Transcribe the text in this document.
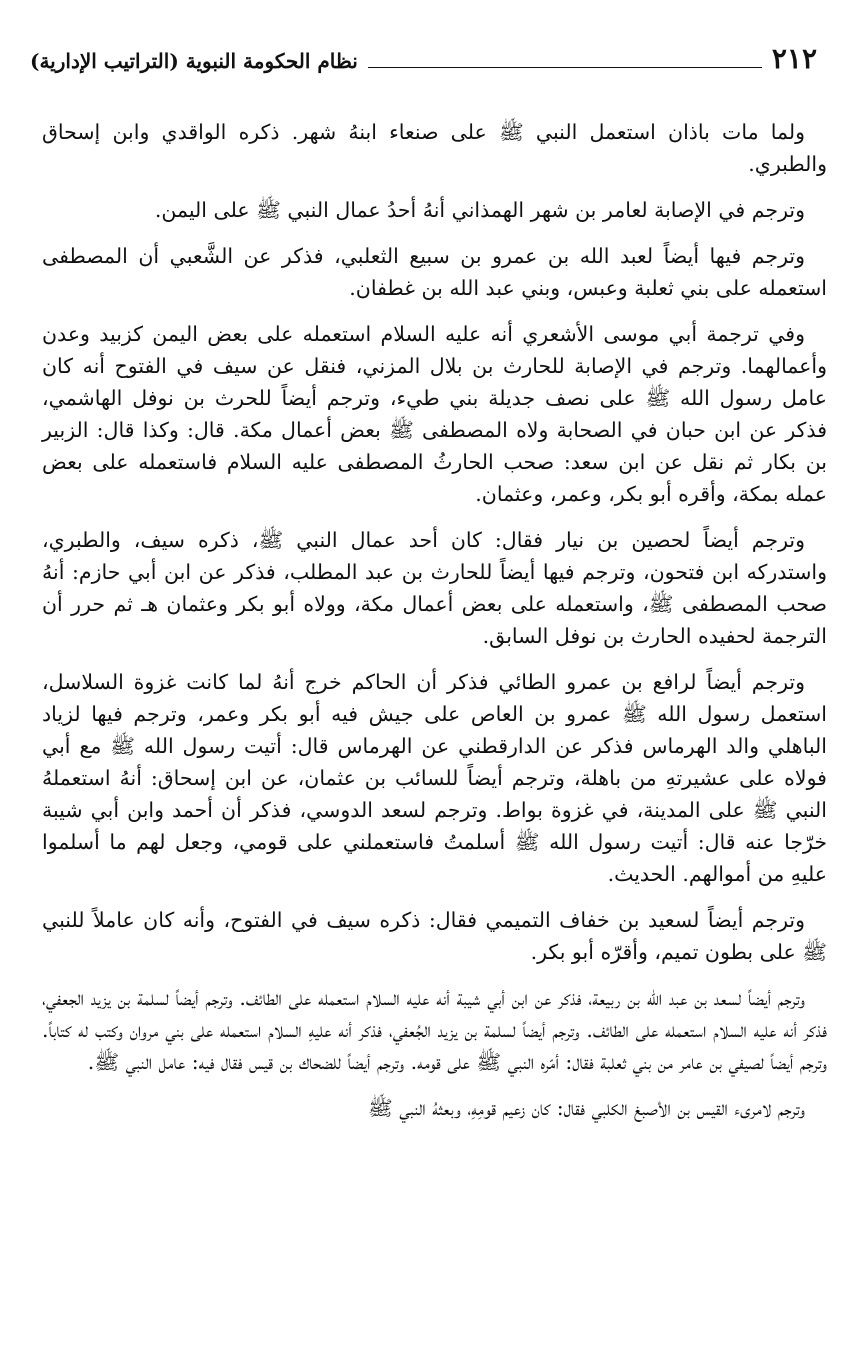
٢١٢
نظام الحكومة النبوية (التراتيب الإدارية)

ولما مات باذان استعمل النبي ﷺ على صنعاء ابنهُ شهر. ذكره الواقدي وابن إسحاق والطبري.

وترجم في الإصابة لعامر بن شهر الهمذاني أنهُ أحدُ عمال النبي ﷺ على اليمن.

وترجم فيها أيضاً لعبد الله بن عمرو بن سبيع الثعلبي، فذكر عن الشَّعبي أن المصطفى استعمله على بني ثعلبة وعبس، وبني عبد الله بن غطفان.

وفي ترجمة أبي موسى الأشعري أنه عليه السلام استعمله على بعض اليمن كزبيد وعدن وأعمالهما. وترجم في الإصابة للحارث بن بلال المزني، فنقل عن سيف في الفتوح أنه كان عامل رسول الله ﷺ على نصف جديلة بني طيء، وترجم أيضاً للحرث بن نوفل الهاشمي، فذكر عن ابن حبان في الصحابة ولاه المصطفى ﷺ بعض أعمال مكة. قال: وكذا قال: الزبير بن بكار ثم نقل عن ابن سعد: صحب الحارثُ المصطفى عليه السلام فاستعمله على بعض عمله بمكة، وأقره أبو بكر، وعمر، وعثمان.

وترجم أيضاً لحصين بن نيار فقال: كان أحد عمال النبي ﷺ، ذكره سيف، والطبري، واستدركه ابن فتحون، وترجم فيها أيضاً للحارث بن عبد المطلب، فذكر عن ابن أبي حازم: أنهُ صحب المصطفى ﷺ، واستعمله على بعض أعمال مكة، وولاه أبو بكر وعثمان هـ ثم حرر أن الترجمة لحفيده الحارث بن نوفل السابق.

وترجم أيضاً لرافع بن عمرو الطائي فذكر أن الحاكم خرج أنهُ لما كانت غزوة السلاسل، استعمل رسول الله ﷺ عمرو بن العاص على جيش فيه أبو بكر وعمر، وترجم فيها لزياد الباهلي والد الهرماس فذكر عن الدارقطني عن الهرماس قال: أتيت رسول الله ﷺ مع أبي فولاه على عشيرتهِ من باهلة، وترجم أيضاً للسائب بن عثمان، عن ابن إسحاق: أنهُ استعملهُ النبي ﷺ على المدينة، في غزوة بواط. وترجم لسعد الدوسي، فذكر أن أحمد وابن أبي شيبة خرّجا عنه قال: أتيت رسول الله ﷺ أسلمتُ فاستعملني على قومي، وجعل لهم ما أسلموا عليهِ من أموالهم. الحديث.

وترجم أيضاً لسعيد بن خفاف التميمي فقال: ذكره سيف في الفتوح، وأنه كان عاملاً للنبي ﷺ على بطون تميم، وأقرّه أبو بكر.

وترجم أيضاً لسعد بن عبد الله بن ربيعة، فذكر عن ابن أبي شيبة أنه عليه السلام استعمله على الطائف. وترجم أيضاً لسلمة بن يزيد الجعفي، فذكر أنه عليه السلام استعمله على الطائف. وترجم أيضاً لسلمة بن يزيد الجُعفي، فذكر أنه عليهِ السلام استعمله على بني مروان وكتب له كتاباً. وترجم أيضاً لصيفي بن عامر من بني ثعلبة فقال: أمّره النبي ﷺ على قومه. وترجم أيضاً للضحاك بن قيس فقال فيه: عامل النبي ﷺ.

وترجم لامرىء القيس بن الأصبغ الكلبي فقال: كان زعيم قومِهِ، وبعثهُ النبي ﷺ
